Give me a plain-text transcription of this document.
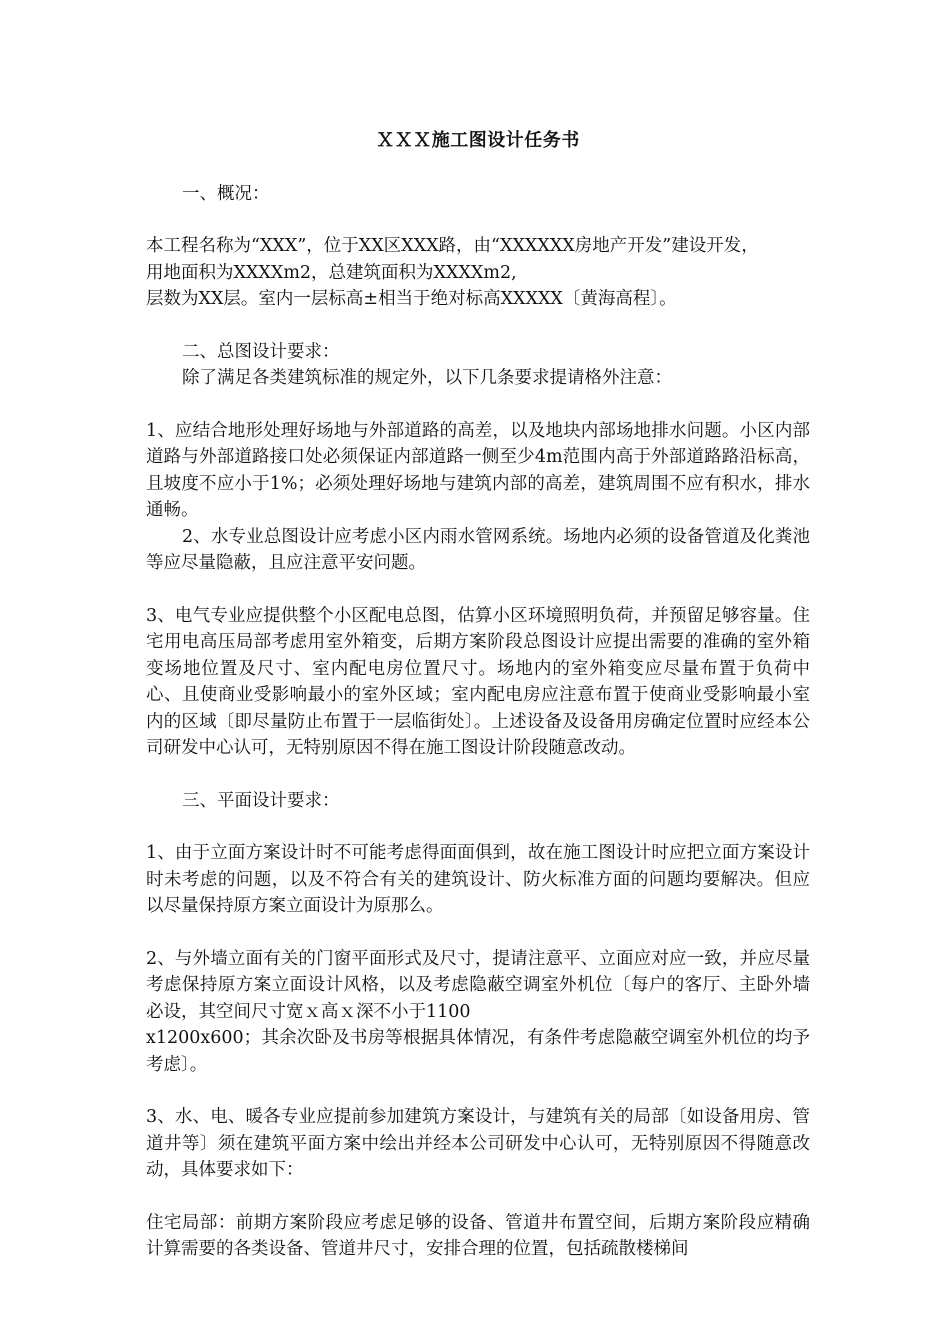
ＸＸＸ施工图设计任务书

一、概况：

本工程名称为“XXX”，位于XX区XXX路，由“XXXXXX房地产开发”建设开发，
用地面积为XXXXm2，总建筑面积为XXXXm2,
层数为XX层。室内一层标高±相当于绝对标高XXXXX〔黄海高程〕。

二、总图设计要求：

除了满足各类建筑标准的规定外，以下几条要求提请格外注意：

1、应结合地形处理好场地与外部道路的高差，以及地块内部场地排水问题。小区内部道路与外部道路接口处必须保证内部道路一侧至少4m范围内高于外部道路路沿标高，且坡度不应小于1%；必须处理好场地与建筑内部的高差，建筑周围不应有积水，排水通畅。

2、水专业总图设计应考虑小区内雨水管网系统。场地内必须的设备管道及化粪池等应尽量隐蔽，且应注意平安问题。

3、电气专业应提供整个小区配电总图，估算小区环境照明负荷，并预留足够容量。住宅用电高压局部考虑用室外箱变，后期方案阶段总图设计应提出需要的准确的室外箱变场地位置及尺寸、室内配电房位置尺寸。场地内的室外箱变应尽量布置于负荷中心、且使商业受影响最小的室外区域；室内配电房应注意布置于使商业受影响最小室内的区域〔即尽量防止布置于一层临街处〕。上述设备及设备用房确定位置时应经本公司研发中心认可，无特别原因不得在施工图设计阶段随意改动。

三、平面设计要求：

1、由于立面方案设计时不可能考虑得面面俱到，故在施工图设计时应把立面方案设计时未考虑的问题，以及不符合有关的建筑设计、防火标准方面的问题均要解决。但应以尽量保持原方案立面设计为原那么。

2、与外墙立面有关的门窗平面形式及尺寸，提请注意平、立面应对应一致，并应尽量考虑保持原方案立面设计风格，以及考虑隐蔽空调室外机位〔每户的客厅、主卧外墙必设，其空间尺寸宽ｘ高ｘ深不小于1100
x1200x600；其余次卧及书房等根据具体情况，有条件考虑隐蔽空调室外机位的均予考虑〕。

3、水、电、暖各专业应提前参加建筑方案设计，与建筑有关的局部〔如设备用房、管道井等〕须在建筑平面方案中绘出并经本公司研发中心认可，无特别原因不得随意改动，具体要求如下：

住宅局部：前期方案阶段应考虑足够的设备、管道井布置空间，后期方案阶段应精确计算需要的各类设备、管道井尺寸，安排合理的位置，包括疏散楼梯间
